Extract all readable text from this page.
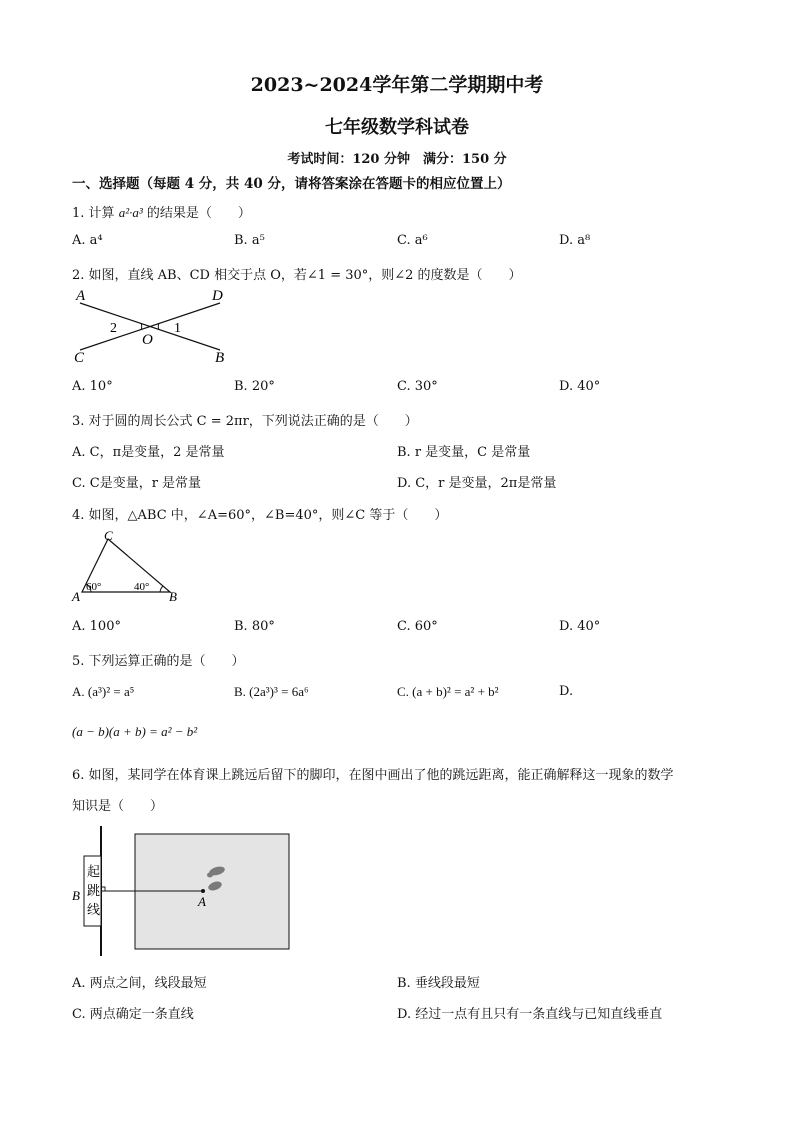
2023~2024学年第二学期期中考
七年级数学科试卷
考试时间：120 分钟　满分：150 分
一、选择题（每题 4 分，共 40 分，请将答案涂在答题卡的相应位置上）
1. 计算 a²·a³ 的结果是（　　）
A. a⁴	B. a⁵	C. a⁶	D. a⁸
2. 如图，直线 AB、CD 相交于点 O，若∠1 = 30°，则∠2 的度数是（　　）
A	D
C	B
O
2	1
A. 10°	B. 20°	C. 30°	D. 40°
3. 对于圆的周长公式 C = 2πr，下列说法正确的是（　　）
A. C，π是变量，2 是常量	B. r 是变量，C 是常量
C. C是变量，r 是常量	D. C，r 是变量，2π是常量
4. 如图，△ABC 中，∠A=60°，∠B=40°，则∠C 等于（　　）
C
A	B
60°	40°
A. 100°	B. 80°	C. 60°	D. 40°
5. 下列运算正确的是（　　）
A. (a³)² = a⁵	B. (2a³)³ = 6a⁶	C. (a + b)² = a² + b²	D.
(a − b)(a + b) = a² − b²
6. 如图，某同学在体育课上跳远后留下的脚印，在图中画出了他的跳远距离，能正确解释这一现象的数学
知识是（　　）
起
跳
线
B	A
A. 两点之间，线段最短	B. 垂线段最短
C. 两点确定一条直线	D. 经过一点有且只有一条直线与已知直线垂直
